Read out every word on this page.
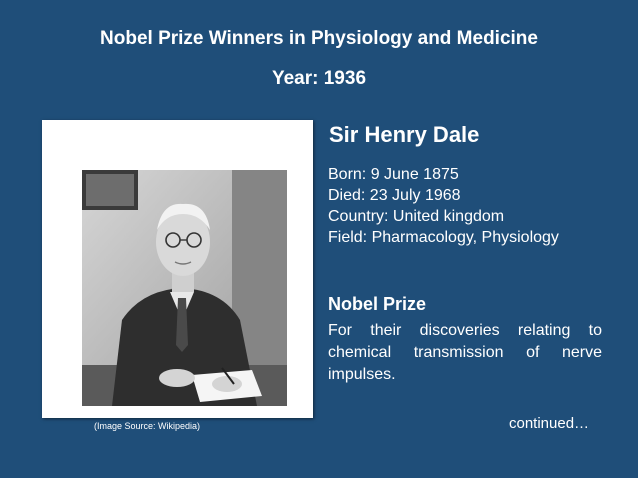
Nobel Prize Winners in Physiology and Medicine
Year: 1936
(Image Source: Wikipedia)
Sir Henry Dale
Born: 9 June 1875
Died: 23 July 1968
Country: United kingdom
Field: Pharmacology, Physiology
Nobel Prize
For their discoveries relating to chemical transmission of nerve impulses.
continued…
